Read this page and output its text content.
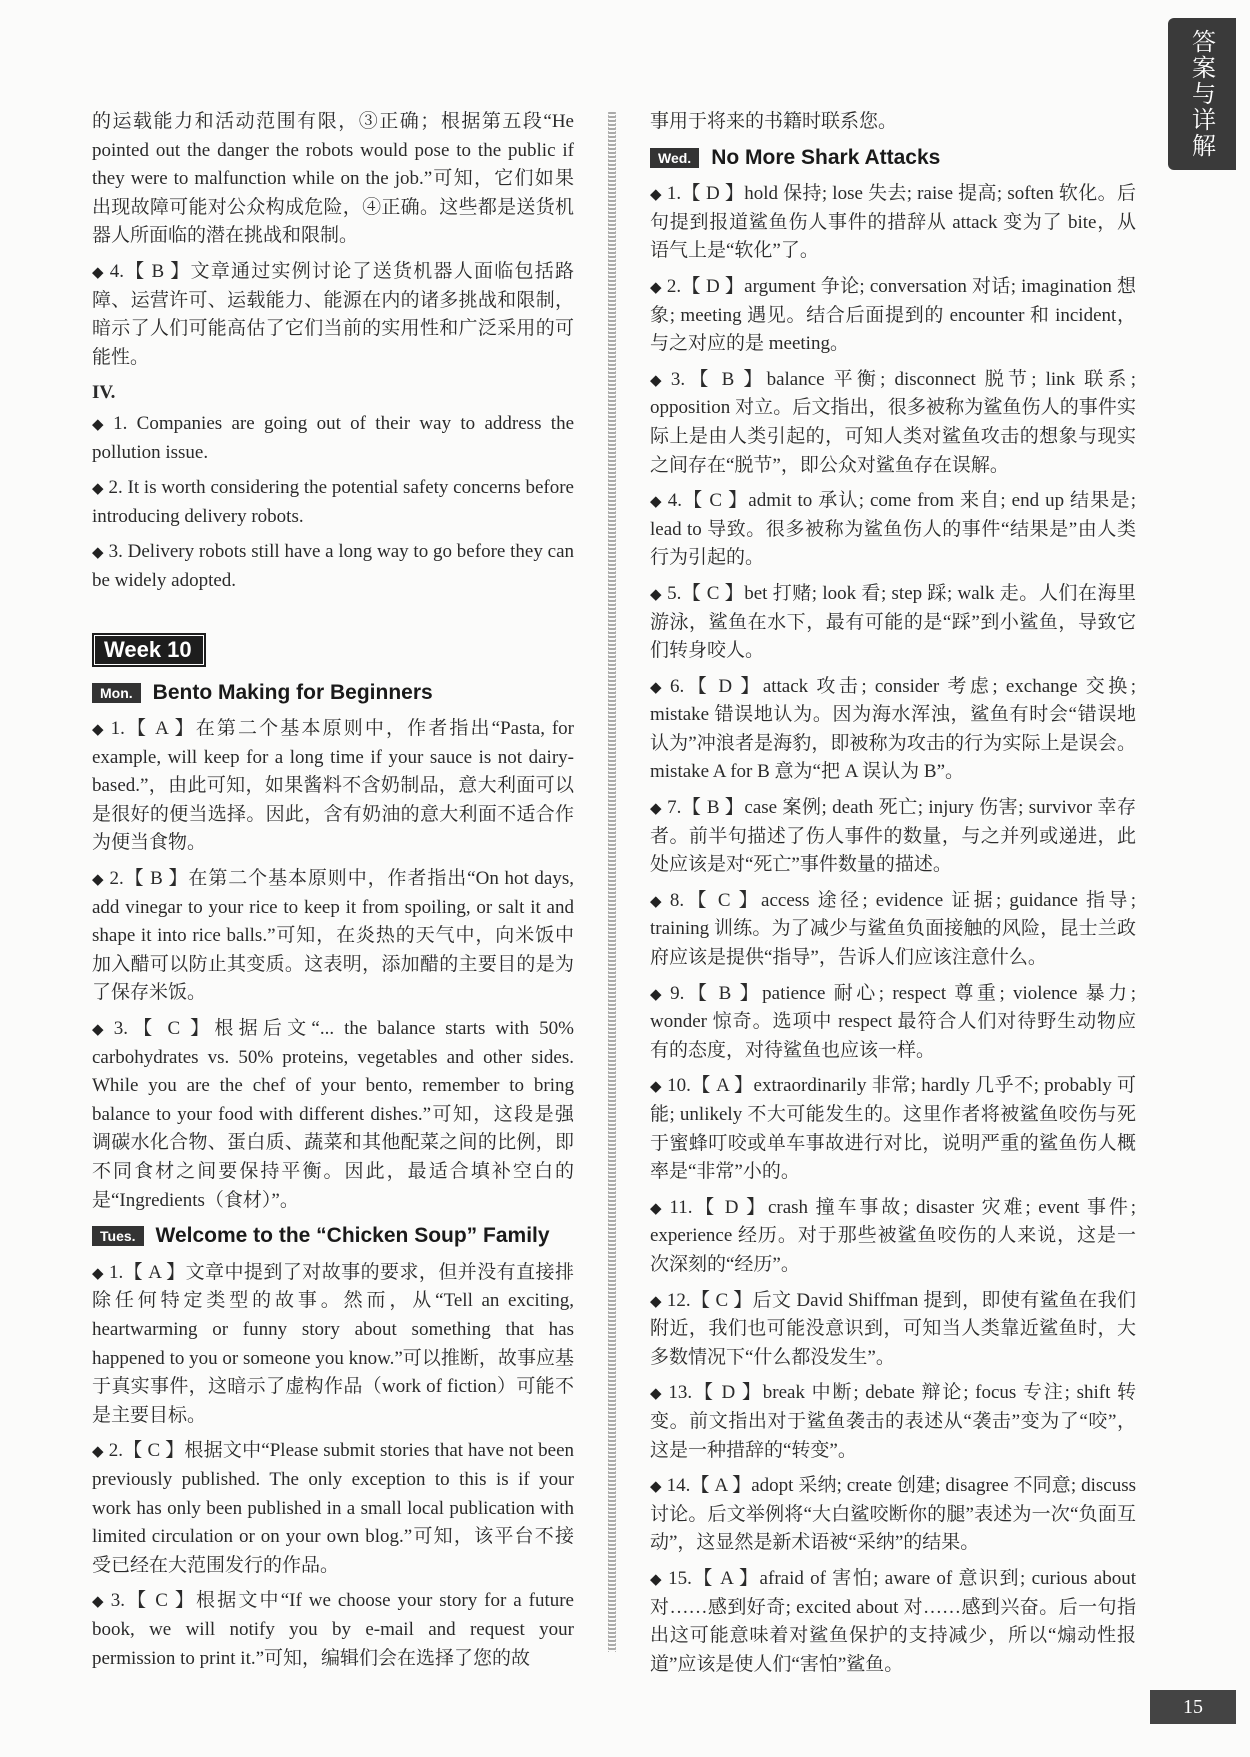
答案与详解

的运载能力和活动范围有限，③正确；根据第五段“He pointed out the danger the robots would pose to the public if they were to malfunction while on the job.”可知，它们如果出现故障可能对公众构成危险，④正确。这些都是送货机器人所面临的潜在挑战和限制。

◆ 4.【 B 】文章通过实例讨论了送货机器人面临包括路障、运营许可、运载能力、能源在内的诸多挑战和限制，暗示了人们可能高估了它们当前的实用性和广泛采用的可能性。

IV.

◆ 1. Companies are going out of their way to address the pollution issue.

◆ 2. It is worth considering the potential safety concerns before introducing delivery robots.

◆ 3. Delivery robots still have a long way to go before they can be widely adopted.

Week 10
Mon. Bento Making for Beginners

◆ 1.【 A 】在第二个基本原则中，作者指出“Pasta, for example, will keep for a long time if your sauce is not dairy-based.”，由此可知，如果酱料不含奶制品，意大利面可以是很好的便当选择。因此，含有奶油的意大利面不适合作为便当食物。

◆ 2.【 B 】在第二个基本原则中，作者指出“On hot days, add vinegar to your rice to keep it from spoiling, or salt it and shape it into rice balls.”可知，在炎热的天气中，向米饭中加入醋可以防止其变质。这表明，添加醋的主要目的是为了保存米饭。

◆ 3.【 C 】根据后文“... the balance starts with 50% carbohydrates vs. 50% proteins, vegetables and other sides. While you are the chef of your bento, remember to bring balance to your food with different dishes.”可知，这段是强调碳水化合物、蛋白质、蔬菜和其他配菜之间的比例，即不同食材之间要保持平衡。因此，最适合填补空白的是“Ingredients（食材）”。

Tues. Welcome to the “Chicken Soup” Family

◆ 1.【 A 】文章中提到了对故事的要求，但并没有直接排除任何特定类型的故事。然而，从“Tell an exciting, heartwarming or funny story about something that has happened to you or someone you know.”可以推断，故事应基于真实事件，这暗示了虚构作品（work of fiction）可能不是主要目标。

◆ 2.【 C 】根据文中“Please submit stories that have not been previously published. The only exception to this is if your work has only been published in a small local publication with limited circulation or on your own blog.”可知，该平台不接受已经在大范围发行的作品。

◆ 3.【 C 】根据文中“If we choose your story for a future book, we will notify you by e-mail and request your permission to print it.”可知，编辑们会在选择了您的故

事用于将来的书籍时联系您。

Wed. No More Shark Attacks

◆ 1.【 D 】hold 保持; lose 失去; raise 提高; soften 软化。后句提到报道鲨鱼伤人事件的措辞从 attack 变为了 bite，从语气上是“软化”了。

◆ 2.【 D 】argument 争论; conversation 对话; imagination 想象; meeting 遇见。结合后面提到的 encounter 和 incident，与之对应的是 meeting。

◆ 3.【 B 】balance 平衡; disconnect 脱节; link 联系; opposition 对立。后文指出，很多被称为鲨鱼伤人的事件实际上是由人类引起的，可知人类对鲨鱼攻击的想象与现实之间存在“脱节”，即公众对鲨鱼存在误解。

◆ 4.【 C 】admit to 承认; come from 来自; end up 结果是; lead to 导致。很多被称为鲨鱼伤人的事件“结果是”由人类行为引起的。

◆ 5.【 C 】bet 打赌; look 看; step 踩; walk 走。人们在海里游泳，鲨鱼在水下，最有可能的是“踩”到小鲨鱼，导致它们转身咬人。

◆ 6.【 D 】attack 攻击; consider 考虑; exchange 交换; mistake 错误地认为。因为海水浑浊，鲨鱼有时会“错误地认为”冲浪者是海豹，即被称为攻击的行为实际上是误会。mistake A for B 意为“把 A 误认为 B”。

◆ 7.【 B 】case 案例; death 死亡; injury 伤害; survivor 幸存者。前半句描述了伤人事件的数量，与之并列或递进，此处应该是对“死亡”事件数量的描述。

◆ 8.【 C 】access 途径; evidence 证据; guidance 指导; training 训练。为了减少与鲨鱼负面接触的风险，昆士兰政府应该是提供“指导”，告诉人们应该注意什么。

◆ 9.【 B 】patience 耐心; respect 尊重; violence 暴力; wonder 惊奇。选项中 respect 最符合人们对待野生动物应有的态度，对待鲨鱼也应该一样。

◆ 10.【 A 】extraordinarily 非常; hardly 几乎不; probably 可能; unlikely 不大可能发生的。这里作者将被鲨鱼咬伤与死于蜜蜂叮咬或单车事故进行对比，说明严重的鲨鱼伤人概率是“非常”小的。

◆ 11.【 D 】crash 撞车事故; disaster 灾难; event 事件; experience 经历。对于那些被鲨鱼咬伤的人来说，这是一次深刻的“经历”。

◆ 12.【 C 】后文 David Shiffman 提到，即使有鲨鱼在我们附近，我们也可能没意识到，可知当人类靠近鲨鱼时，大多数情况下“什么都没发生”。

◆ 13.【 D 】break 中断; debate 辩论; focus 专注; shift 转变。前文指出对于鲨鱼袭击的表述从“袭击”变为了“咬”，这是一种措辞的“转变”。

◆ 14.【 A 】adopt 采纳; create 创建; disagree 不同意; discuss 讨论。后文举例将“大白鲨咬断你的腿”表述为一次“负面互动”，这显然是新术语被“采纳”的结果。

◆ 15.【 A 】afraid of 害怕; aware of 意识到; curious about 对……感到好奇; excited about 对……感到兴奋。后一句指出这可能意味着对鲨鱼保护的支持减少，所以“煽动性报道”应该是使人们“害怕”鲨鱼。

15
